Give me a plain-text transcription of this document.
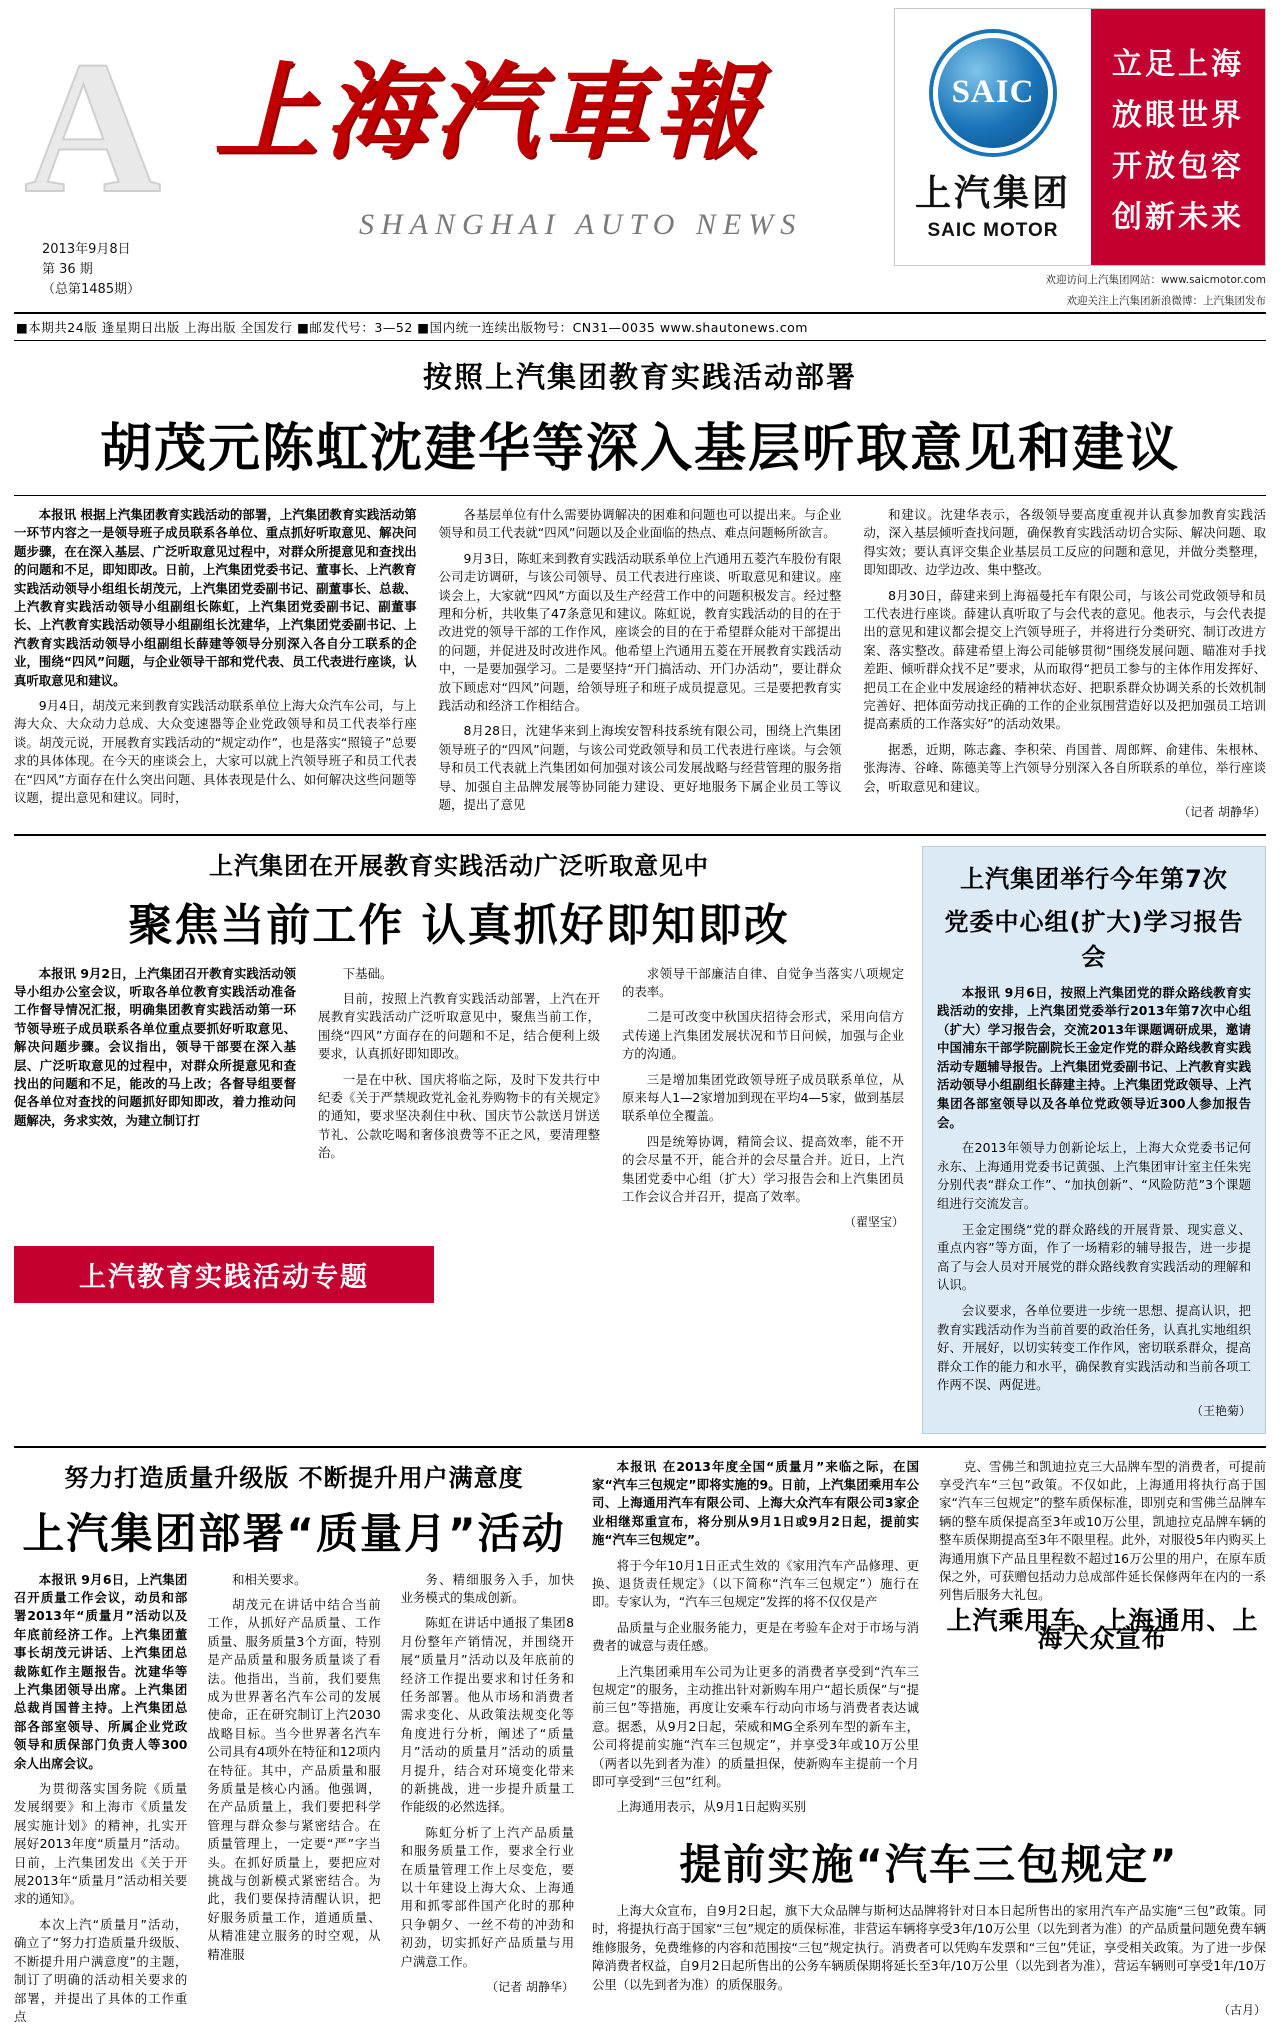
A 上海汽車報
SHANGHAI AUTO NEWS
2013年9月8日
第 36 期
（总第1485期）
SAIC
上汽集团
SAIC MOTOR
立足上海
放眼世界
开放包容
创新未来
欢迎访问上汽集团网站：www.saicmotor.com
欢迎关注上汽集团新浪微博：上汽集团发布
■本期共24版 逢星期日出版 上海出版 全国发行 ■邮发代号：3—52 ■国内统一连续出版物号：CN31—0035 www.shautonews.com
按照上汽集团教育实践活动部署
胡茂元陈虹沈建华等深入基层听取意见和建议

本报讯 根据上汽集团教育实践活动的部署，上汽集团教育实践活动第一环节内容之一是领导班子成员联系各单位、重点抓好听取意见、解决问题步骤，在在深入基层、广泛听取意见过程中，对群众所提意见和查找出的问题和不足，即知即改。日前，上汽集团党委书记、董事长、上汽教育实践活动领导小组组长胡茂元，上汽集团党委副书记、副董事长、总裁、上汽教育实践活动领导小组副组长陈虹，上汽集团党委副书记、副董事长、上汽教育实践活动领导小组副组长沈建华，上汽集团党委副书记、上汽教育实践活动领导小组副组长薛建等领导分别深入各自分工联系的企业，围绕“四风”问题，与企业领导干部和党代表、员工代表进行座谈，认真听取意见和建议。

9月4日，胡茂元来到教育实践活动联系单位上海大众汽车公司，与上海大众、大众动力总成、大众变速器等企业党政领导和员工代表举行座谈。胡茂元说，开展教育实践活动的“规定动作”，也是落实“照镜子”总要求的具体体现。在今天的座谈会上，大家可以就上汽领导班子和员工代表在“四风”方面存在什么突出问题、具体表现是什么、如何解决这些问题等议题，提出意见和建议。同时，

各基层单位有什么需要协调解决的困难和问题也可以提出来。与企业领导和员工代表就“四风”问题以及企业面临的热点、难点问题畅所欲言。

9月3日，陈虹来到教育实践活动联系单位上汽通用五菱汽车股份有限公司走访调研，与该公司领导、员工代表进行座谈、听取意见和建议。座谈会上，大家就“四风”方面以及生产经营工作中的问题积极发言。经过整理和分析，共收集了47条意见和建议。陈虹说，教育实践活动的目的在于改进党的领导干部的工作作风，座谈会的目的在于希望群众能对干部提出的问题，并促进及时改进作风。他希望上汽通用五菱在开展教育实践活动中，一是要加强学习。二是要坚持“开门搞活动、开门办活动”，要让群众放下顾虑对“四风”问题，给领导班子和班子成员提意见。三是要把教育实践活动和经济工作相结合。

8月28日，沈建华来到上海埃安智科技系统有限公司，围绕上汽集团领导班子的“四风”问题，与该公司党政领导和员工代表进行座谈。与会领导和员工代表就上汽集团如何加强对该公司发展战略与经营管理的服务指导、加强自主品牌发展等协同能力建设、更好地服务下属企业员工等议题，提出了意见

和建议。沈建华表示，各级领导要高度重视并认真参加教育实践活动，深入基层倾听查找问题，确保教育实践活动切合实际、解决问题、取得实效；要认真评交集企业基层员工反应的问题和意见，并做分类整理，即知即改、边学边改、集中整改。

8月30日，薛建来到上海福曼托车有限公司，与该公司党政领导和员工代表进行座谈。薛建认真听取了与会代表的意见。他表示，与会代表提出的意见和建议都会提交上汽领导班子，并将进行分类研究、制订改进方案、落实整改。薛建希望上海公司能够贯彻“围绕发展问题、瞄准对手找差距、倾听群众找不足”要求，从而取得“把员工参与的主体作用发挥好、把员工在企业中发展途经的精神状态好、把职系群众协调关系的长效机制完善好、把体面劳动找正确的工作的企业氛围营造好以及把加强员工培训提高素质的工作落实好”的活动效果。

据悉，近期，陈志鑫、李积荣、肖国普、周郎辉、俞建伟、朱根林、张海涛、谷峰、陈德美等上汽领导分别深入各自所联系的单位，举行座谈会，听取意见和建议。

（记者 胡静华）
上汽集团在开展教育实践活动广泛听取意见中
聚焦当前工作 认真抓好即知即改

本报讯 9月2日，上汽集团召开教育实践活动领导小组办公室会议，听取各单位教育实践活动准备工作督导情况汇报，明确集团教育实践活动第一环节领导班子成员联系各单位重点要抓好听取意见、解决问题步骤。会议指出，领导干部要在深入基层、广泛听取意见的过程中，对群众所提意见和查找出的问题和不足，能改的马上改；各督导组要督促各单位对查找的问题抓好即知即改，着力推动问题解决，务求实效，为建立制订打

下基础。

目前，按照上汽教育实践活动部署，上汽在开展教育实践活动广泛听取意见中，聚焦当前工作，围绕“四风”方面存在的问题和不足，结合便利上级要求，认真抓好即知即改。

一是在中秋、国庆将临之际，及时下发共行中纪委《关于严禁规政党礼金礼券购物卡的有关规定》的通知，要求坚决刹住中秋、国庆节公款送月饼送节礼、公款吃喝和奢侈浪费等不正之风，要清理整治。

求领导干部廉洁自律、自觉争当落实八项规定的表率。

二是可改变中秋国庆招待会形式，采用向信方式传递上汽集团发展状况和节日问候，加强与企业方的沟通。

三是增加集团党政领导班子成员联系单位，从原来每人1—2家增加到现在平均4—5家，做到基层联系单位全覆盖。

四是统筹协调，精简会议、提高效率，能不开的会尽量不开，能合并的会尽量合并。近日，上汽集团党委中心组（扩大）学习报告会和上汽集团员工作会议合并召开，提高了效率。

（翟坚宝）
上汽教育实践活动专题
上汽集团举行今年第7次
党委中心组(扩大)学习报告会

本报讯 9月6日，按照上汽集团党的群众路线教育实践活动的安排，上汽集团党委举行2013年第7次中心组（扩大）学习报告会，交流2013年课题调研成果，邀请中国浦东干部学院副院长王金定作党的群众路线教育实践活动专题辅导报告。上汽集团党委副书记、上汽教育实践活动领导小组副组长薛建主持。上汽集团党政领导、上汽集团各部室领导以及各单位党政领导近300人参加报告会。

在2013年领导力创新论坛上，上海大众党委书记何永东、上海通用党委书记黄强、上汽集团审计室主任朱宪分别代表“群众工作”、“加执创新”、“风险防范”3个课题组进行交流发言。

王金定围绕“党的群众路线的开展背景、现实意义、重点内容”等方面，作了一场精彩的辅导报告，进一步提高了与会人员对开展党的群众路线教育实践活动的理解和认识。

会议要求，各单位要进一步统一思想、提高认识，把教育实践活动作为当前首要的政治任务，认真扎实地组织好、开展好，以切实转变工作作风，密切联系群众，提高群众工作的能力和水平，确保教育实践活动和当前各项工作两不误、两促进。

（王艳菊）
努力打造质量升级版 不断提升用户满意度
上汽集团部署“质量月”活动

本报讯 9月6日，上汽集团召开质量工作会议，动员和部署2013年“质量月”活动以及年底前经济工作。上汽集团董事长胡茂元讲话、上汽集团总裁陈虹作主题报告。沈建华等上汽集团领导出席。上汽集团总裁肖国普主持。上汽集团总部各部室领导、所属企业党政领导和质保部门负责人等300余人出席会议。

为贯彻落实国务院《质量发展纲要》和上海市《质量发展实施计划》的精神，扎实开展好2013年度“质量月”活动。日前，上汽集团发出《关于开展2013年“质量月”活动相关要求的通知》。

本次上汽“质量月”活动，确立了“努力打造质量升级版、不断提升用户满意度”的主题，制订了明确的活动相关要求的部署，并提出了具体的工作重点

和相关要求。

胡茂元在讲话中结合当前工作，从抓好产品质量、工作质量、服务质量3个方面，特别是产品质量和服务质量谈了看法。他指出，当前，我们要焦成为世界著名汽车公司的发展使命，正在研究制订上汽2030战略目标。当今世界著名汽车公司具有4项外在特征和12项内在特征。其中，产品质量和服务质量是核心内涵。他强调，在产品质量上，我们要把科学管理与群众参与紧密结合。在质量管理上，一定要“严”字当头。在抓好质量上，要把应对挑战与创新模式紧密结合。为此，我们要保持清醒认识，把好服务质量工作，道通质量、从精准建立服务的时空观，从精准服

务、精细服务入手，加快业务模式的集成创新。

陈虹在讲话中通报了集团8月份整年产销情况，并围绕开展“质量月”活动以及年底前的经济工作提出要求和讨任务和任务部署。他从市场和消费者需求变化、从政策法规变化等角度进行分析，阐述了“质量月”活动的质量月”活动的质量月提升，结合对环境变化带来的新挑战，进一步提升质量工作能级的必然选择。

陈虹分析了上汽产品质量和服务质量工作，要求全行业在质量管理工作上尽变危，要以十年建设上海大众、上海通用和抓零部件国产化时的那种只争朝夕、一丝不苟的冲劲和初劲，切实抓好产品质量与用户满意工作。

（记者 胡静华）

本报讯 在2013年度全国“质量月”来临之际，在国家“汽车三包规定”即将实施的9。日前，上汽集团乘用车公司、上海通用汽车有限公司、上海大众汽车有限公司3家企业相继郑重宣布，将分别从9月1日或9月2日起，提前实施“汽车三包规定”。

将于今年10月1日正式生效的《家用汽车产品修理、更换、退货责任规定》（以下简称“汽车三包规定”）施行在即。专家认为，“汽车三包规定”发挥的将不仅仅是产

品质量与企业服务能力，更是在考验车企对于市场与消费者的诚意与责任感。

上汽集团乘用车公司为让更多的消费者享受到“汽车三包规定”的服务，主动推出针对新购车用户“超长质保”与“提前三包”等措施，再度让安乘车行动向市场与消费者表达诚意。据悉，从9月2日起，荣威和MG全系列车型的新车主，公司将提前实施“汽车三包规定”，并享受3年或10万公里（两者以先到者为准）的质量担保，使新购车主提前一个月即可享受到“三包”红利。

上海通用表示，从9月1日起购买别

克、雪佛兰和凯迪拉克三大品牌车型的消费者，可提前享受汽车“三包”政策。不仅如此，上海通用将执行高于国家“汽车三包规定”的整车质保标准，即别克和雪佛兰品牌车辆的整车质保提高至3年或10万公里，凯迪拉克品牌车辆的整车质保期提高至3年不限里程。此外，对服役5年内购买上海通用旗下产品且里程数不超过16万公里的用户，在原车质保之外，可获赠包括动力总成部件延长保修两年在内的一系列售后服务大礼包。

上汽乘用车、上海通用、上海大众宣布
提前实施“汽车三包规定”

上海大众宣布，自9月2日起，旗下大众品牌与斯柯达品牌将针对日本日起所售出的家用汽车产品实施“三包”政策。同时，将提执行高于国家“三包”规定的质保标准，非营运车辆将享受3年/10万公里（以先到者为准）的产品质量问题免费车辆维修服务，免费维修的内容和范围按“三包”规定执行。消费者可以凭购车发票和“三包”凭证，享受相关政策。为了进一步保障消费者权益，自9月2日起所售出的公务车辆质保期将延长至3年/10万公里（以先到者为准），营运车辆则可享受1年/10万公里（以先到者为准）的质保服务。

（古月）
